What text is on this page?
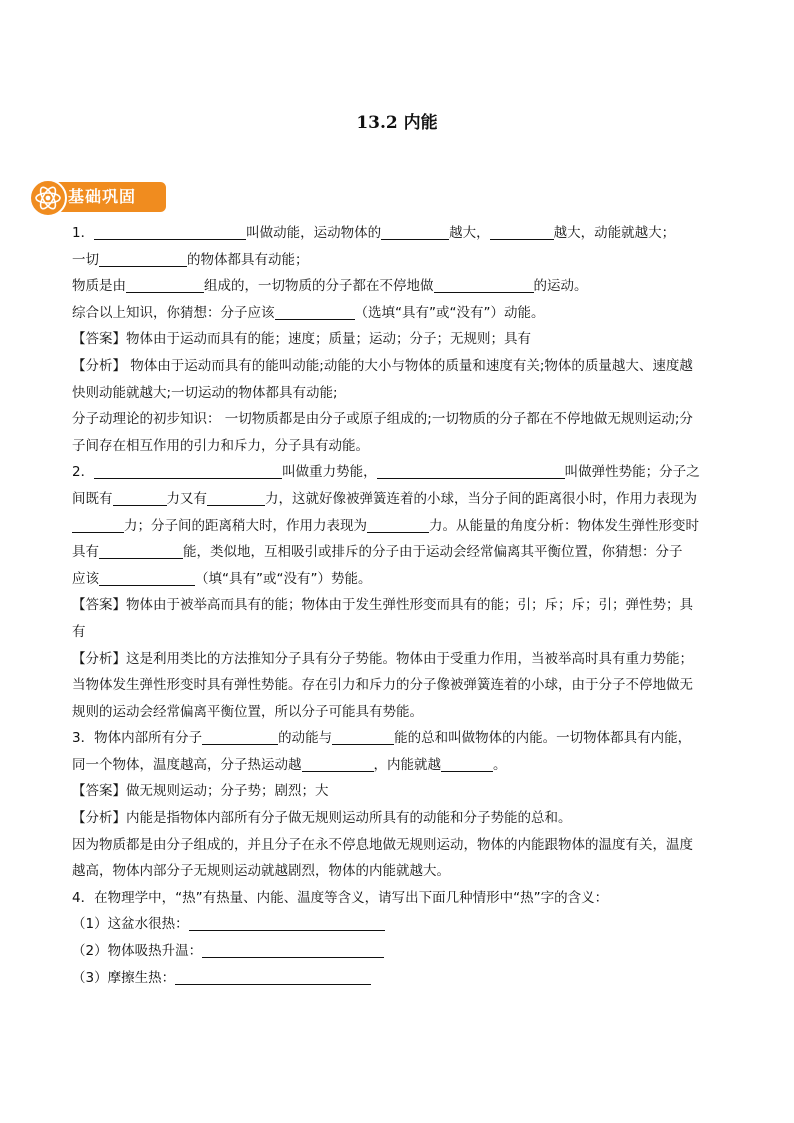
13.2 内能
基础巩固
1．	叫做动能，运动物体的	越大，	越大，动能就越大；
一切	的物体都具有动能；
物质是由	组成的，一切物质的分子都在不停地做	的运动。
综合以上知识，你猜想：分子应该	（选填“具有”或“没有”）动能。
【答案】物体由于运动而具有的能；速度；质量；运动；分子；无规则；具有
【分析】 物体由于运动而具有的能叫动能;动能的大小与物体的质量和速度有关;物体的质量越大、速度越
快则动能就越大;一切运动的物体都具有动能;
分子动理论的初步知识： 一切物质都是由分子或原子组成的;一切物质的分子都在不停地做无规则运动;分
子间存在相互作用的引力和斥力，分子具有动能。
2．	叫做重力势能，	叫做弹性势能；分子之
间既有	力又有	力，这就好像被弹簧连着的小球，当分子间的距离很小时，作用力表现为
力；分子间的距离稍大时，作用力表现为	力。从能量的角度分析：物体发生弹性形变时
具有	能，类似地，互相吸引或排斥的分子由于运动会经常偏离其平衡位置，你猜想：分子
应该	（填“具有”或“没有”）势能。
【答案】物体由于被举高而具有的能；物体由于发生弹性形变而具有的能；引；斥；斥；引；弹性势；具
有
【分析】这是利用类比的方法推知分子具有分子势能。物体由于受重力作用，当被举高时具有重力势能；
当物体发生弹性形变时具有弹性势能。存在引力和斥力的分子像被弹簧连着的小球，由于分子不停地做无
规则的运动会经常偏离平衡位置，所以分子可能具有势能。
3．物体内部所有分子	的动能与	能的总和叫做物体的内能。一切物体都具有内能，
同一个物体，温度越高，分子热运动越	，内能就越	。
【答案】做无规则运动；分子势；剧烈；大
【分析】内能是指物体内部所有分子做无规则运动所具有的动能和分子势能的总和。
因为物质都是由分子组成的，并且分子在永不停息地做无规则运动，物体的内能跟物体的温度有关，温度
越高，物体内部分子无规则运动就越剧烈，物体的内能就越大。
4．在物理学中，“热”有热量、内能、温度等含义，请写出下面几种情形中“热”字的含义：
（1）这盆水很热：
（2）物体吸热升温：
（3）摩擦生热：
